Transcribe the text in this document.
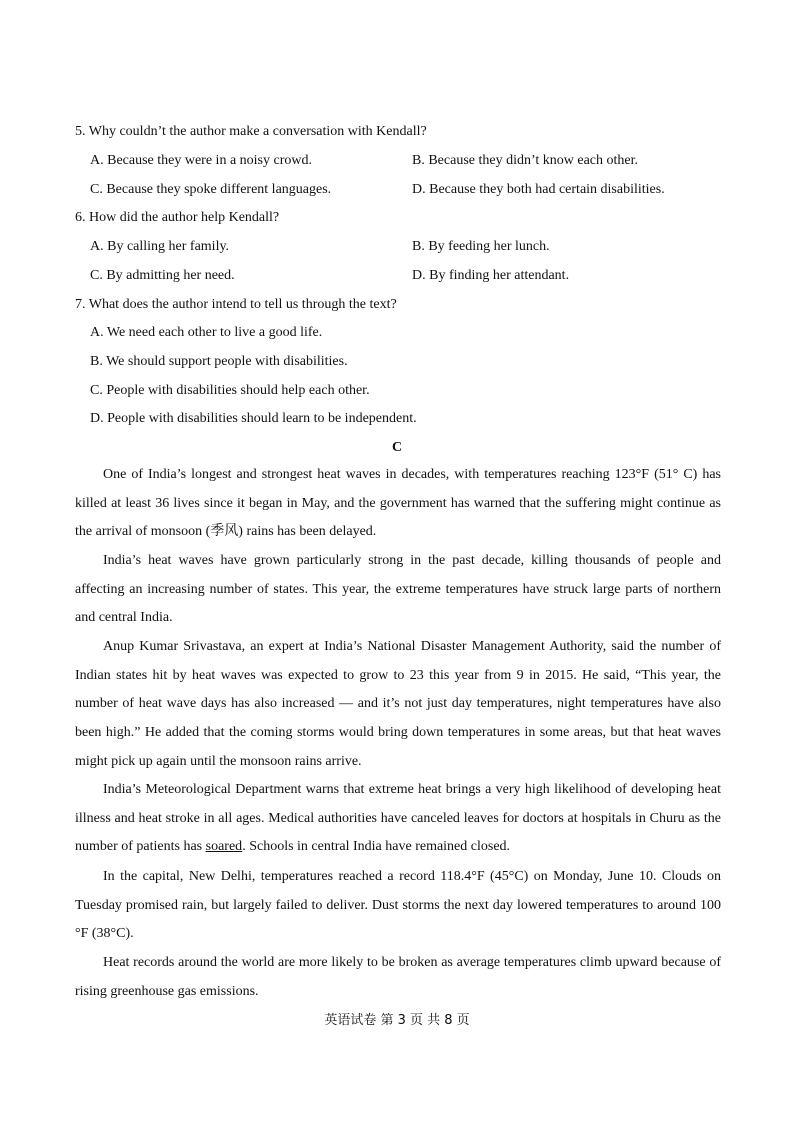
5. Why couldn’t the author make a conversation with Kendall?
A. Because they were in a noisy crowd.	B. Because they didn’t know each other.
C. Because they spoke different languages.	D. Because they both had certain disabilities.
6. How did the author help Kendall?
A. By calling her family.	B. By feeding her lunch.
C. By admitting her need.	D. By finding her attendant.
7. What does the author intend to tell us through the text?
A. We need each other to live a good life.
B. We should support people with disabilities.
C. People with disabilities should help each other.
D. People with disabilities should learn to be independent.
C

One of India’s longest and strongest heat waves in decades, with temperatures reaching 123°F (51° C) has killed at least 36 lives since it began in May, and the government has warned that the suffering might continue as the arrival of monsoon (季风) rains has been delayed.

India’s heat waves have grown particularly strong in the past decade, killing thousands of people and affecting an increasing number of states. This year, the extreme temperatures have struck large parts of northern and central India.

Anup Kumar Srivastava, an expert at India’s National Disaster Management Authority, said the number of Indian states hit by heat waves was expected to grow to 23 this year from 9 in 2015. He said, “This year, the number of heat wave days has also increased — and it’s not just day temperatures, night temperatures have also been high.” He added that the coming storms would bring down temperatures in some areas, but that heat waves might pick up again until the monsoon rains arrive.

India’s Meteorological Department warns that extreme heat brings a very high likelihood of developing heat illness and heat stroke in all ages. Medical authorities have canceled leaves for doctors at hospitals in Churu as the number of patients has soared. Schools in central India have remained closed.

In the capital, New Delhi, temperatures reached a record 118.4°F (45°C) on Monday, June 10. Clouds on Tuesday promised rain, but largely failed to deliver. Dust storms the next day lowered temperatures to around 100 °F (38°C).

Heat records around the world are more likely to be broken as average temperatures climb upward because of rising greenhouse gas emissions.

英语试卷 第 3 页 共 8 页
